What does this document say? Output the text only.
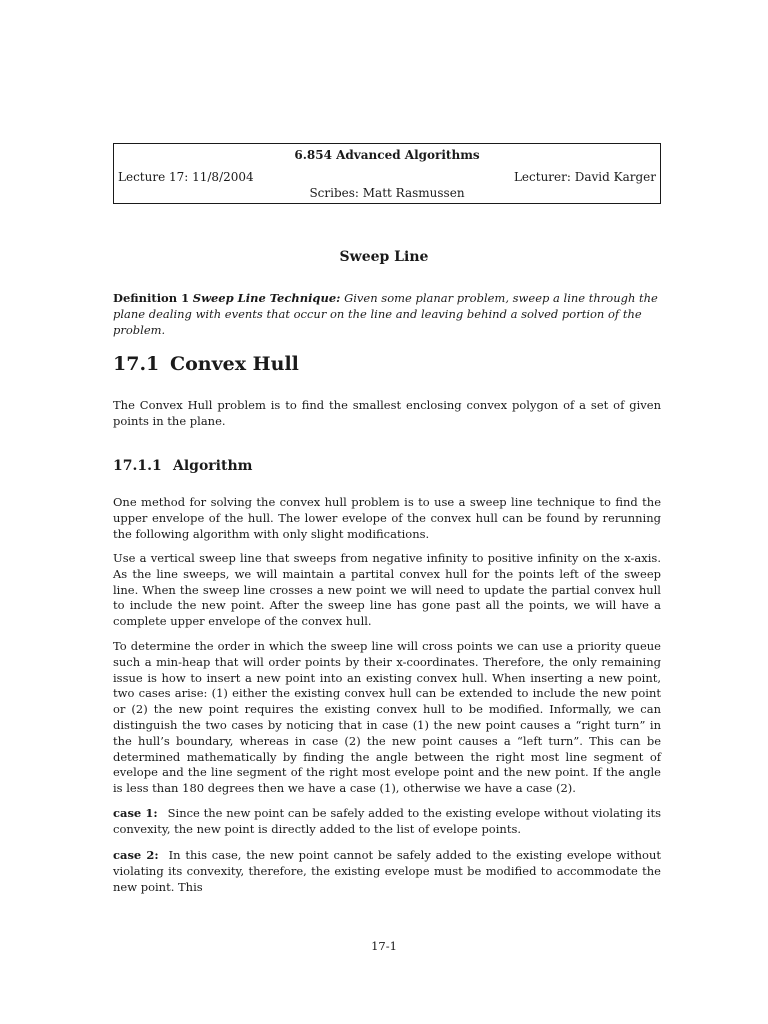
6.854 Advanced Algorithms
Lecture 17: 11/8/2004	Lecturer: David Karger
Scribes: Matt Rasmussen
Sweep Line
Definition 1 Sweep Line Technique: Given some planar problem, sweep a line through the plane dealing with events that occur on the line and leaving behind a solved portion of the problem.
17.1 Convex Hull
The Convex Hull problem is to find the smallest enclosing convex polygon of a set of given points in the plane.
17.1.1 Algorithm
One method for solving the convex hull problem is to use a sweep line technique to find the upper envelope of the hull. The lower evelope of the convex hull can be found by rerunning the following algorithm with only slight modifications.
Use a vertical sweep line that sweeps from negative infinity to positive infinity on the x-axis. As the line sweeps, we will maintain a partital convex hull for the points left of the sweep line. When the sweep line crosses a new point we will need to update the partial convex hull to include the new point. After the sweep line has gone past all the points, we will have a complete upper envelope of the convex hull.
To determine the order in which the sweep line will cross points we can use a priority queue such a min-heap that will order points by their x-coordinates. Therefore, the only remaining issue is how to insert a new point into an existing convex hull. When inserting a new point, two cases arise: (1) either the existing convex hull can be extended to include the new point or (2) the new point requires the existing convex hull to be modified. Informally, we can distinguish the two cases by noticing that in case (1) the new point causes a “right turn” in the hull’s boundary, whereas in case (2) the new point causes a “left turn”. This can be determined mathematically by finding the angle between the right most line segment of evelope and the line segment of the right most evelope point and the new point. If the angle is less than 180 degrees then we have a case (1), otherwise we have a case (2).
case 1: Since the new point can be safely added to the existing evelope without violating its convexity, the new point is directly added to the list of evelope points.
case 2: In this case, the new point cannot be safely added to the existing evelope without violating its convexity, therefore, the existing evelope must be modified to accommodate the new point. This
17-1
